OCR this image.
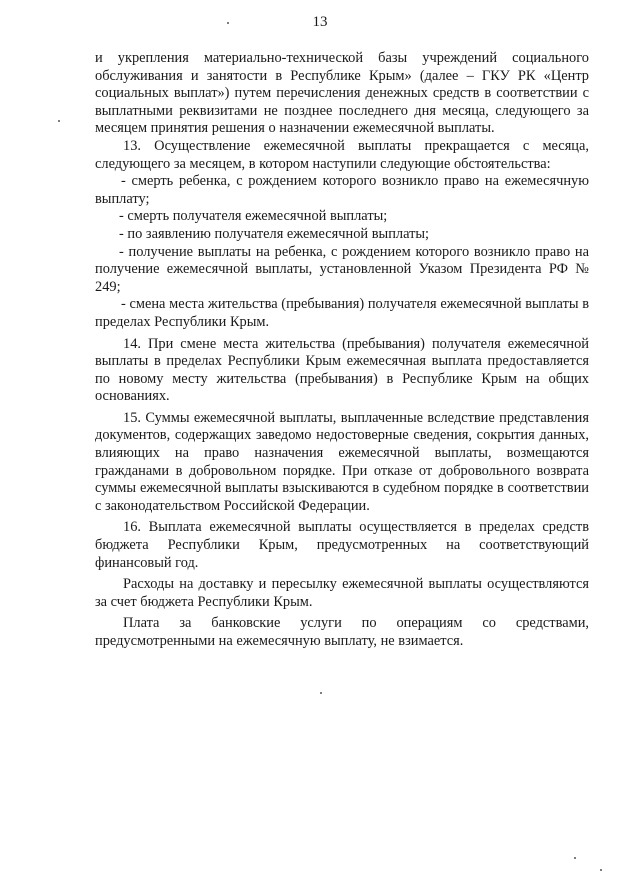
13

и укрепления материально-технической базы учреждений социального обслуживания и занятости в Республике Крым» (далее – ГКУ РК «Центр социальных выплат») путем перечисления денежных средств в соответствии с выплатными реквизитами не позднее последнего дня месяца, следующего за месяцем принятия решения о назначении ежемесячной выплаты.

13. Осуществление ежемесячной выплаты прекращается с месяца, следующего за месяцем, в котором наступили следующие обстоятельства:

- смерть ребенка, с рождением которого возникло право на ежемесячную выплату;

- смерть получателя ежемесячной выплаты;

- по заявлению получателя ежемесячной выплаты;

- получение выплаты на ребенка, с рождением которого возникло право на получение ежемесячной выплаты, установленной Указом Президента РФ № 249;

- смена места жительства (пребывания) получателя ежемесячной выплаты в пределах Республики Крым.

14. При смене места жительства (пребывания) получателя ежемесячной выплаты в пределах Республики Крым ежемесячная выплата предоставляется по новому месту жительства (пребывания) в Республике Крым на общих основаниях.

15. Суммы ежемесячной выплаты, выплаченные вследствие представления документов, содержащих заведомо недостоверные сведения, сокрытия данных, влияющих на право назначения ежемесячной выплаты, возмещаются гражданами в добровольном порядке. При отказе от добровольного возврата суммы ежемесячной выплаты взыскиваются в судебном порядке в соответствии с законодательством Российской Федерации.

16. Выплата ежемесячной выплаты осуществляется в пределах средств бюджета Республики Крым, предусмотренных на соответствующий финансовый год.

Расходы на доставку и пересылку ежемесячной выплаты осуществляются за счет бюджета Республики Крым.

Плата за банковские услуги по операциям со средствами, предусмотренными на ежемесячную выплату, не взимается.
